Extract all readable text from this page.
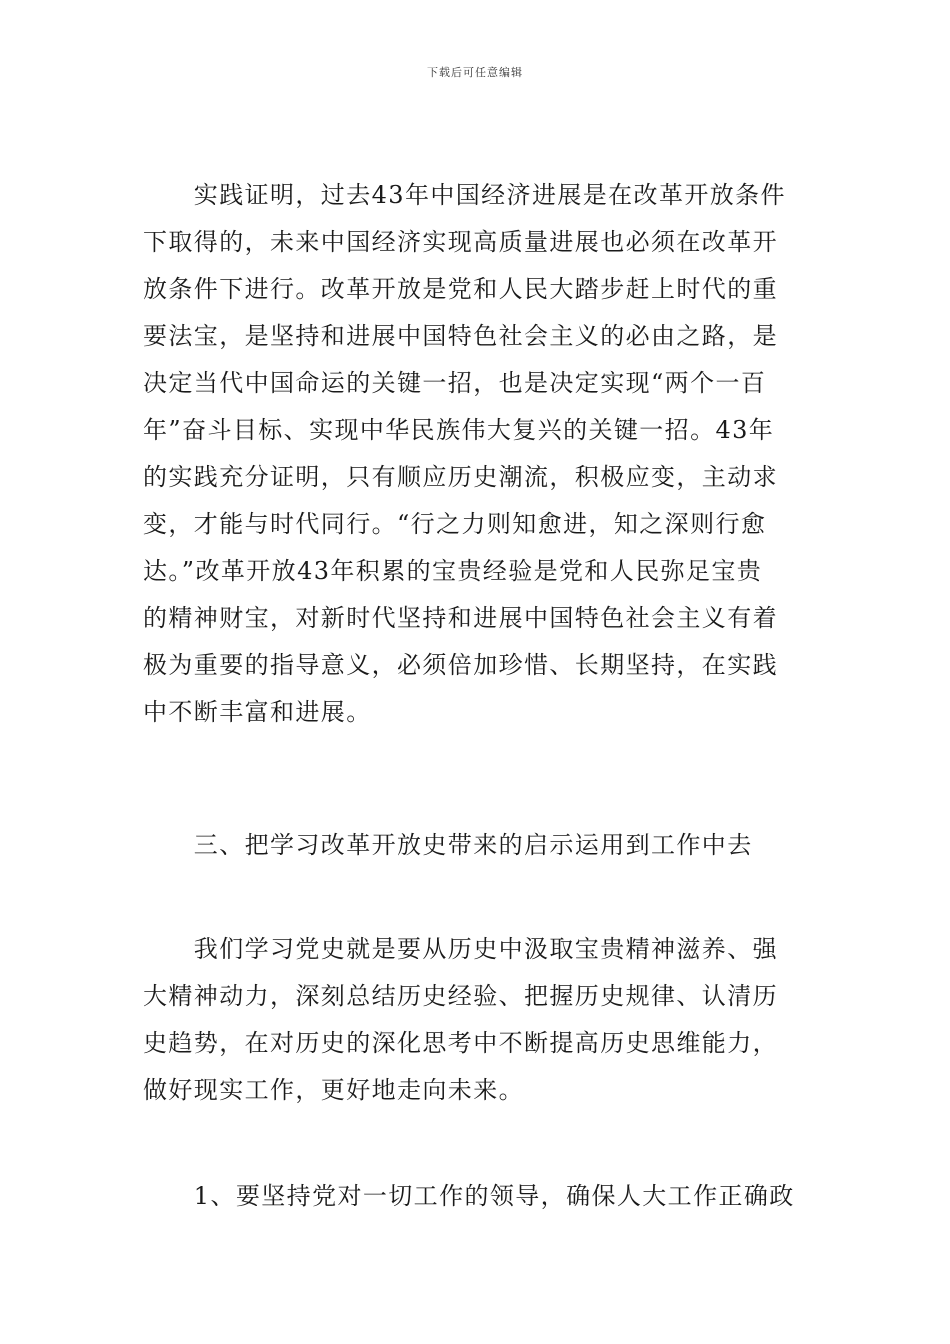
下载后可任意编辑
　　实践证明，过去43年中国经济进展是在改革开放条件
下取得的，未来中国经济实现高质量进展也必须在改革开
放条件下进行。改革开放是党和人民大踏步赶上时代的重
要法宝，是坚持和进展中国特色社会主义的必由之路，是
决定当代中国命运的关键一招，也是决定实现“两个一百
年”奋斗目标、实现中华民族伟大复兴的关键一招。43年
的实践充分证明，只有顺应历史潮流，积极应变，主动求
变，才能与时代同行。“行之力则知愈进，知之深则行愈
达。”改革开放43年积累的宝贵经验是党和人民弥足宝贵
的精神财宝，对新时代坚持和进展中国特色社会主义有着
极为重要的指导意义，必须倍加珍惜、长期坚持，在实践
中不断丰富和进展。
　　三、把学习改革开放史带来的启示运用到工作中去
　　我们学习党史就是要从历史中汲取宝贵精神滋养、强
大精神动力，深刻总结历史经验、把握历史规律、认清历
史趋势，在对历史的深化思考中不断提高历史思维能力，
做好现实工作，更好地走向未来。
　　1、要坚持党对一切工作的领导，确保人大工作正确政
